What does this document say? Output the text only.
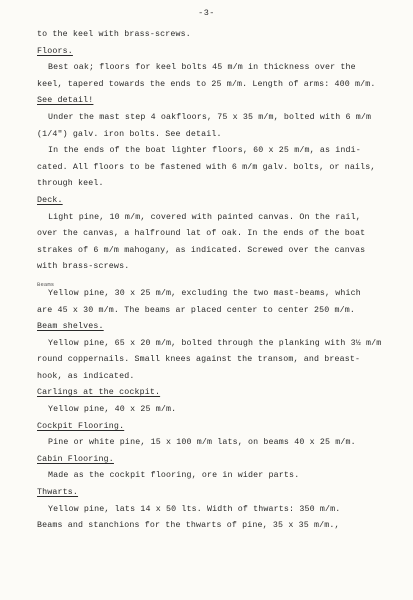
-3-
to the keel with brass-screws.
Floors.
Best oak; floors for keel bolts 45 m/m in thickness over the
keel, tapered towards the ends to 25 m/m. Length of arms: 400 m/m.
See detail!
Under the mast step 4 oakfloors, 75 x 35 m/m, bolted with 6 m/m
(1/4") galv. iron bolts. See detail.
In the ends of the boat lighter floors, 60 x 25 m/m, as indi-
cated. All floors to be fastened with 6 m/m galv. bolts, or nails,
through keel.
Deck.
Light pine, 10 m/m, covered with painted canvas. On the rail,
over the canvas, a halfround lat of oak. In the ends of the boat
strakes of 6 m/m mahogany, as indicated. Screwed over the canvas
with brass-screws.
Beams
Yellow pine, 30 x 25 m/m, excluding the two mast-beams, which
are 45 x 30 m/m. The beams ar placed center to center 250 m/m.
Beam shelves.
Yellow pine, 65 x 20 m/m, bolted through the planking with 3½ m/m
round coppernails. Small knees against the transom, and breast-
hook, as indicated.
Carlings at the cockpit.
Yellow pine, 40 x 25 m/m.
Cockpit Flooring.
Pine or white pine, 15 x 100 m/m lats, on beams 40 x 25 m/m.
Cabin Flooring.
Made as the cockpit flooring, ore in wider parts.
Thwarts.
Yellow pine, lats 14 x 50 lts. Width of thwarts: 350 m/m.
Beams and stanchions for the thwarts of pine, 35 x 35 m/m.,
